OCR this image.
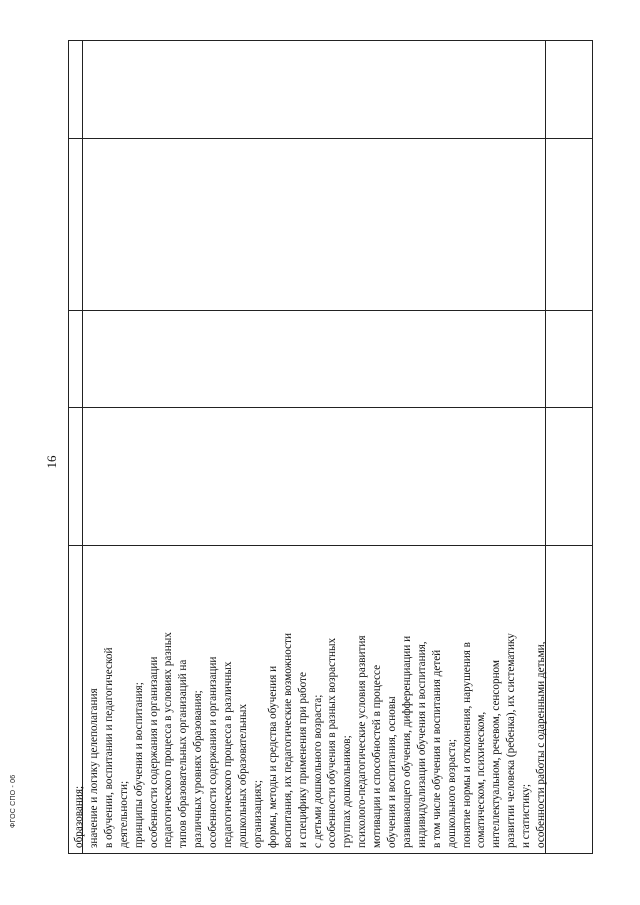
16
ФГОС СПО - 06	образования; значение и логику целеполагания в обучении, воспитании и педагогической деятельности; принципы обучения и воспитания; особенности содержания и организации педагогического процесса в условиях разных типов образовательных организаций на различных уровнях образования; особенности содержания и организации педагогического процесса в различных дошкольных образовательных организациях; формы, методы и средства обучения и воспитания, их педагогические возможности и специфику применения при работе с детьми дошкольного возраста; особенности обучения в разных возрастных группах дошкольников; психолого-педагогические условия развития мотивации и способностей в процессе обучения и воспитания, основы развивающего обучения, дифференциации и индивидуализации обучения и воспитания, в том числе обучения и воспитания детей дошкольного возраста; понятие нормы и отклонения, нарушения в соматическом, психическом, интеллектуальном, речевом, сенсорном развитии человека (ребенка), их систематику и статистику; особенности работы с одаренными детьми,
